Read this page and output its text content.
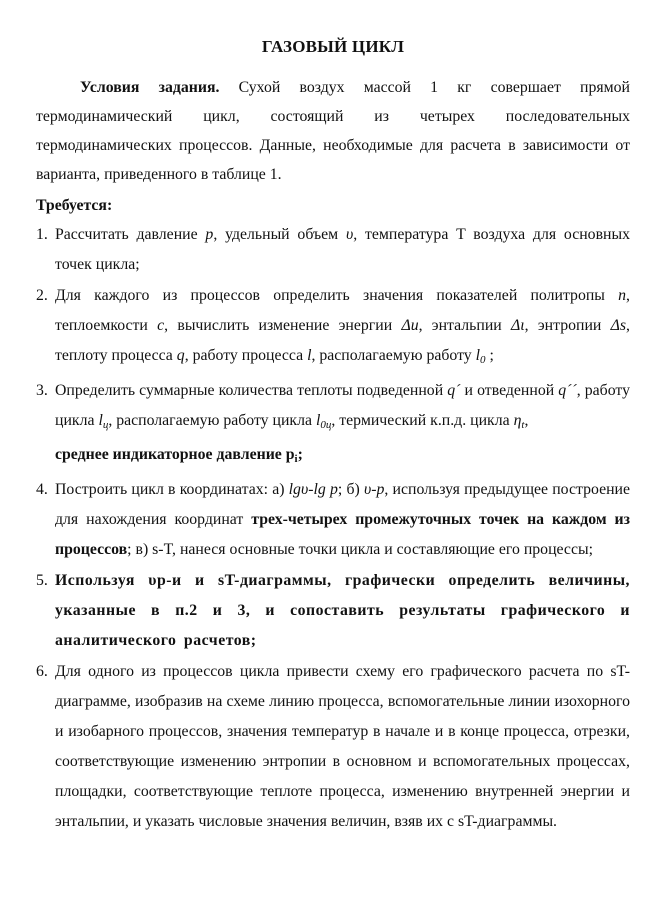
ГАЗОВЫЙ ЦИКЛ

Условия задания. Сухой воздух массой 1 кг совершает прямой термодинамический цикл, состоящий из четырех последовательных термодинамических процессов. Данные, необходимые для расчета в зависимости от варианта, приведенного в таблице 1.

Требуется:

1. Рассчитать давление p, удельный объем υ, температура T воздуха для основных точек цикла;
2. Для каждого из процессов определить значения показателей политропы n, теплоемкости c, вычислить изменение энергии Δu, энтальпии Δι, энтропии Δs, теплоту процесса q, работу процесса l, располагаемую работу $l_0$ ;
3. Определить суммарные количества теплоты подведенной q´ и отведенной q´´, работу цикла $l_ц$, располагаемую работу цикла $l_{0ц}$, термический к.п.д. цикла $\eta_t$,
среднее индикаторное давление $p_i$;
4. Построить цикл в координатах: а) lgυ-lg p; б) υ-p, используя предыдущее построение для нахождения координат трех-четырех промежуточных точек на каждом из процессов; в) s-T, нанеся основные точки цикла и составляющие его процессы;
5. Используя υp-и и sT-диаграммы, графически определить величины, указанные в п.2 и 3, и сопоставить результаты графического и аналитического расчетов;
6. Для одного из процессов цикла привести схему его графического расчета по sT-диаграмме, изобразив на схеме линию процесса, вспомогательные линии изохорного и изобарного процессов, значения температур в начале и в конце процесса, отрезки, соответствующие изменению энтропии в основном и вспомогательных процессах, площадки, соответствующие теплоте процесса, изменению внутренней энергии и энтальпии, и указать числовые значения величин, взяв их с sT-диаграммы.
